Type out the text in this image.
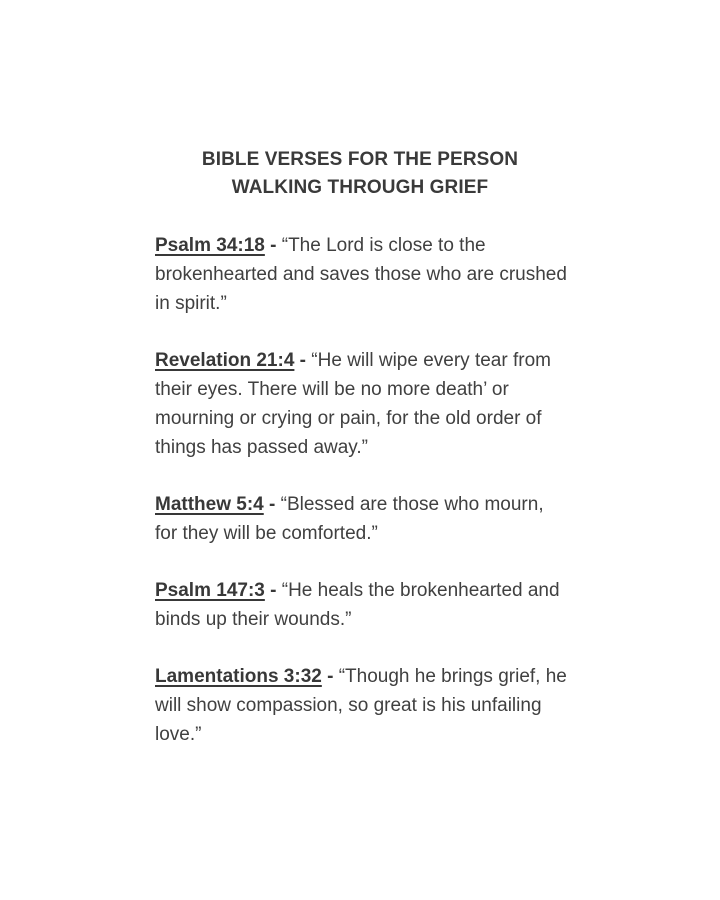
BIBLE VERSES FOR THE PERSON
WALKING THROUGH GRIEF

Psalm 34:18 - “The Lord is close to the brokenhearted and saves those who are crushed in spirit.”

Revelation 21:4 - “He will wipe every tear from their eyes. There will be no more death’ or mourning or crying or pain, for the old order of things has passed away.”

Matthew 5:4 - “Blessed are those who mourn, for they will be comforted.”

Psalm 147:3 - “He heals the brokenhearted and binds up their wounds.”

Lamentations 3:32 - “Though he brings grief, he will show compassion, so great is his unfailing love.”
